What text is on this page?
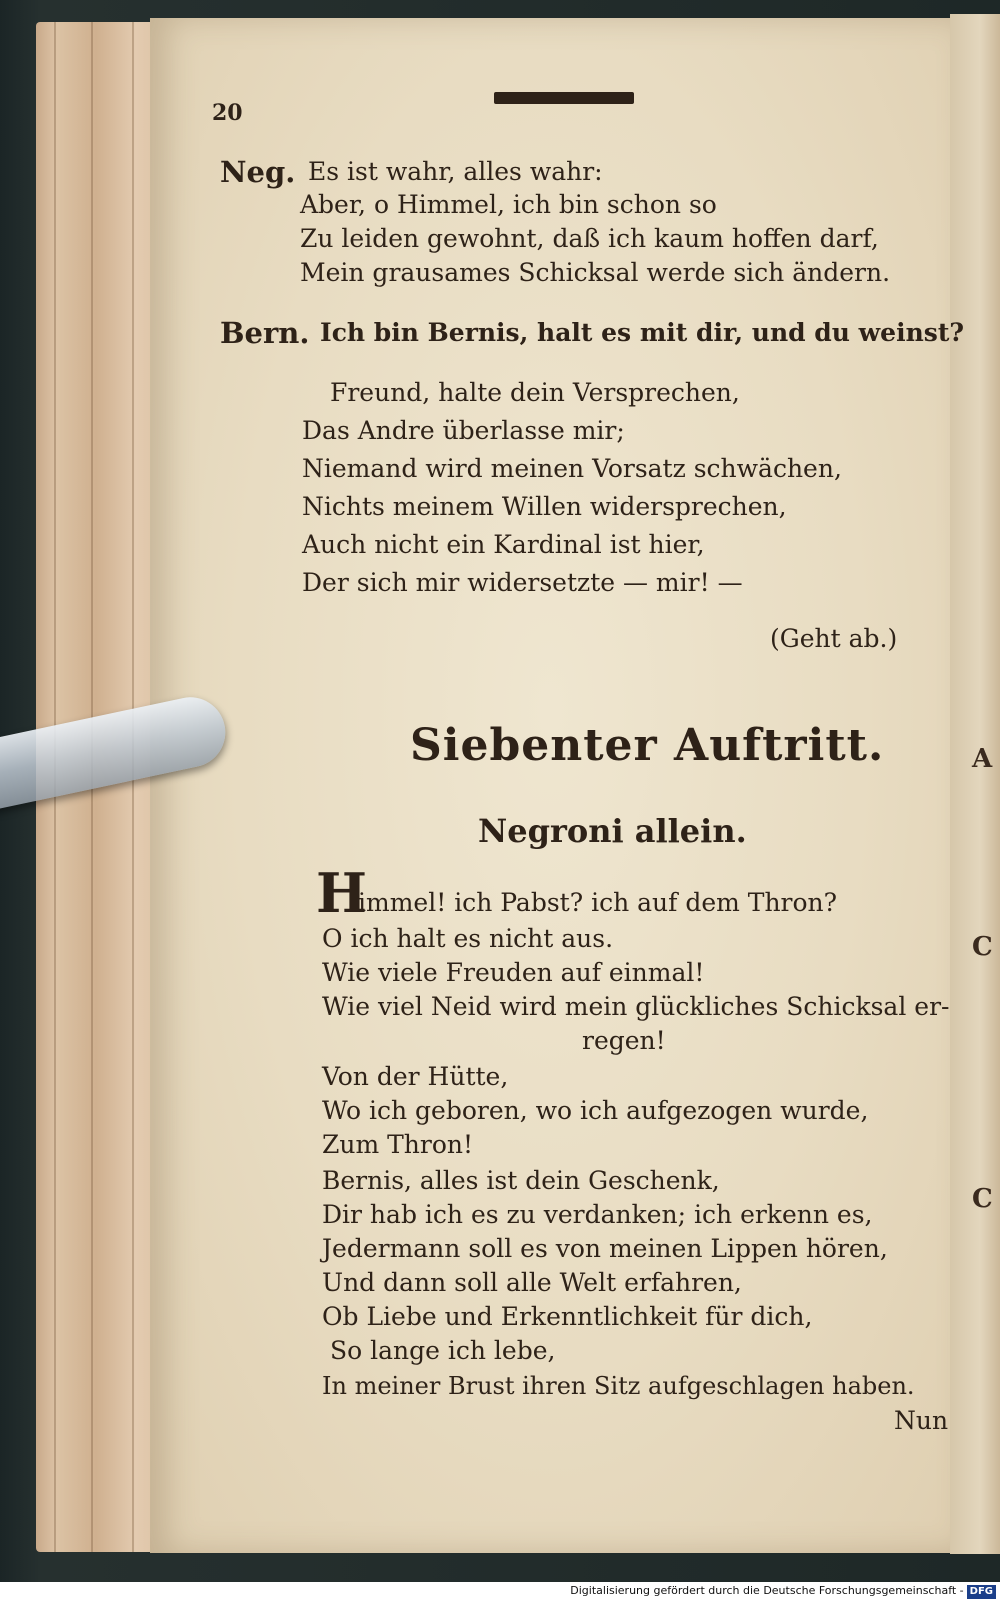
A
C
C
20
Neg. Es ist wahr, alles wahr:
Aber, o Himmel, ich bin schon so
Zu leiden gewohnt, daß ich kaum hoffen darf,
Mein grausames Schicksal werde sich ändern.
Bern. Ich bin Bernis, halt es mit dir, und du weinst?
Freund, halte dein Versprechen,
Das Andre überlasse mir;
Niemand wird meinen Vorsatz schwächen,
Nichts meinem Willen widersprechen,
Auch nicht ein Kardinal ist hier,
Der sich mir widersetzte — mir! —
(Geht ab.)
Siebenter Auftritt.
Negroni allein.
H
immel! ich Pabst? ich auf dem Thron?
O ich halt es nicht aus.
Wie viele Freuden auf einmal!
Wie viel Neid wird mein glückliches Schicksal er-
regen!
Von der Hütte,
Wo ich geboren, wo ich aufgezogen wurde,
Zum Thron!
Bernis, alles ist dein Geschenk,
Dir hab ich es zu verdanken; ich erkenn es,
Jedermann soll es von meinen Lippen hören,
Und dann soll alle Welt erfahren,
Ob Liebe und Erkenntlichkeit für dich,
So lange ich lebe,
In meiner Brust ihren Sitz aufgeschlagen haben.
Nun
Digitalisierung gefördert durch die Deutsche Forschungsgemeinschaft - DFG
